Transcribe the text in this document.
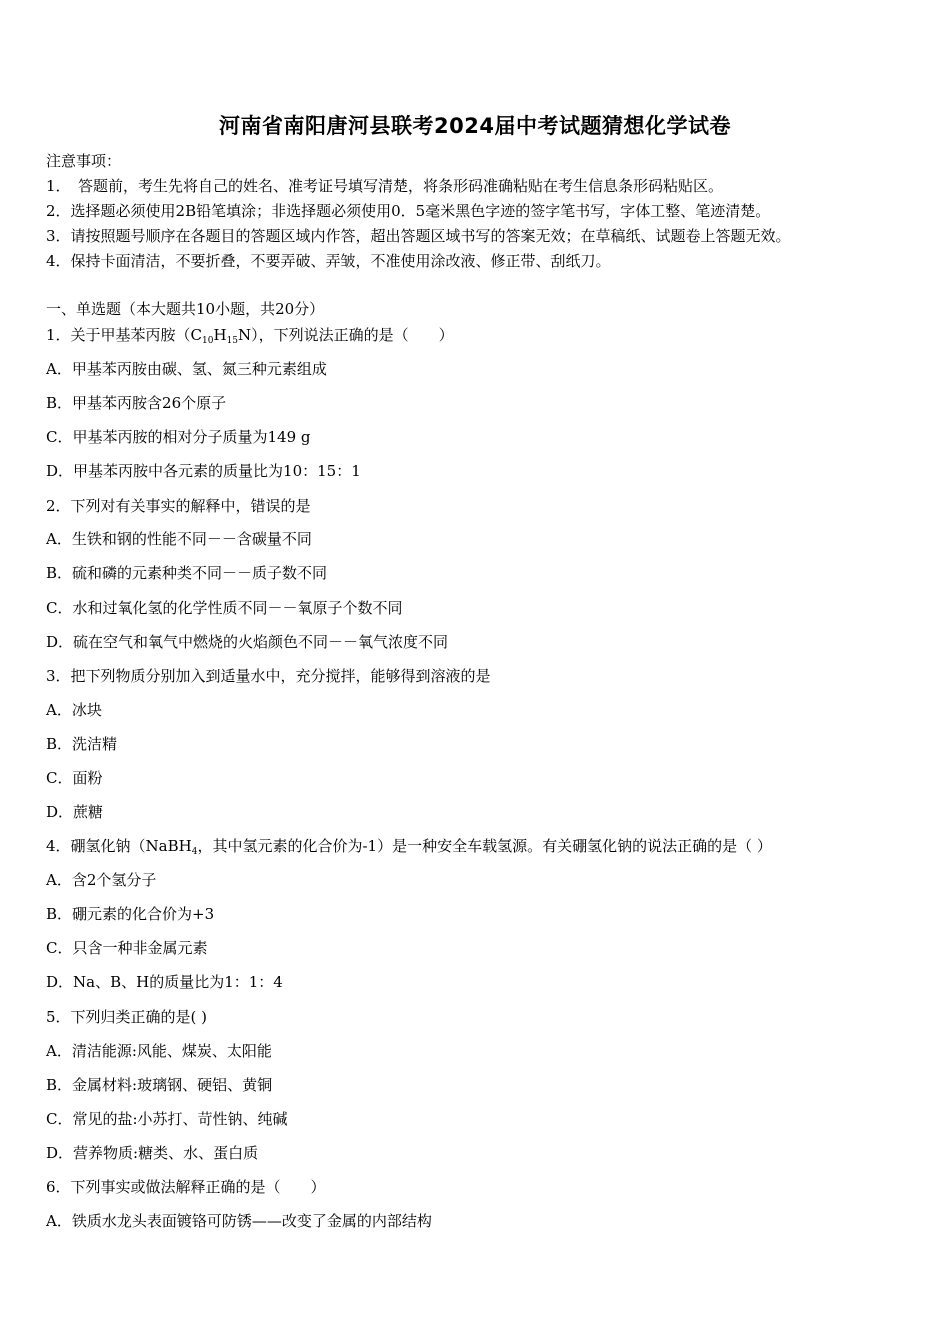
河南省南阳唐河县联考2024届中考试题猜想化学试卷
注意事项：
1．　答题前，考生先将自己的姓名、准考证号填写清楚，将条形码准确粘贴在考生信息条形码粘贴区。
2．选择题必须使用2B铅笔填涂；非选择题必须使用0．5毫米黑色字迹的签字笔书写，字体工整、笔迹清楚。
3．请按照题号顺序在各题目的答题区域内作答，超出答题区域书写的答案无效；在草稿纸、试题卷上答题无效。
4．保持卡面清洁，不要折叠，不要弄破、弄皱，不准使用涂改液、修正带、刮纸刀。
一、单选题（本大题共10小题，共20分）
1．关于甲基苯丙胺$(C_{10}H_{15}N)$，下列说法正确的是（　　）
A．甲基苯丙胺由碳、氢、氮三种元素组成
B．甲基苯丙胺含26个原子
C．甲基苯丙胺的相对分子质量为149 g
D．甲基苯丙胺中各元素的质量比为10：15：1
2．下列对有关事实的解释中，错误的是
A．生铁和钢的性能不同－－含碳量不同
B．硫和磷的元素种类不同－－质子数不同
C．水和过氧化氢的化学性质不同－－氧原子个数不同
D．硫在空气和氧气中燃烧的火焰颜色不同－－氧气浓度不同
3．把下列物质分别加入到适量水中，充分搅拌，能够得到溶液的是
A．冰块
B．洗洁精
C．面粉
D．蔗糖
4．硼氢化钠（NaBH$_4$，其中氢元素的化合价为-1）是一种安全车载氢源。有关硼氢化钠的说法正确的是（ ）
A．含2个氢分子
B．硼元素的化合价为+3
C．只含一种非金属元素
D．Na、B、H的质量比为1：1：4
5．下列归类正确的是( )
A．清洁能源:风能、煤炭、太阳能
B．金属材料:玻璃钢、硬铝、黄铜
C．常见的盐:小苏打、苛性钠、纯碱
D．营养物质:糖类、水、蛋白质
6．下列事实或做法解释正确的是（　　）
A．铁质水龙头表面镀铬可防锈——改变了金属的内部结构
